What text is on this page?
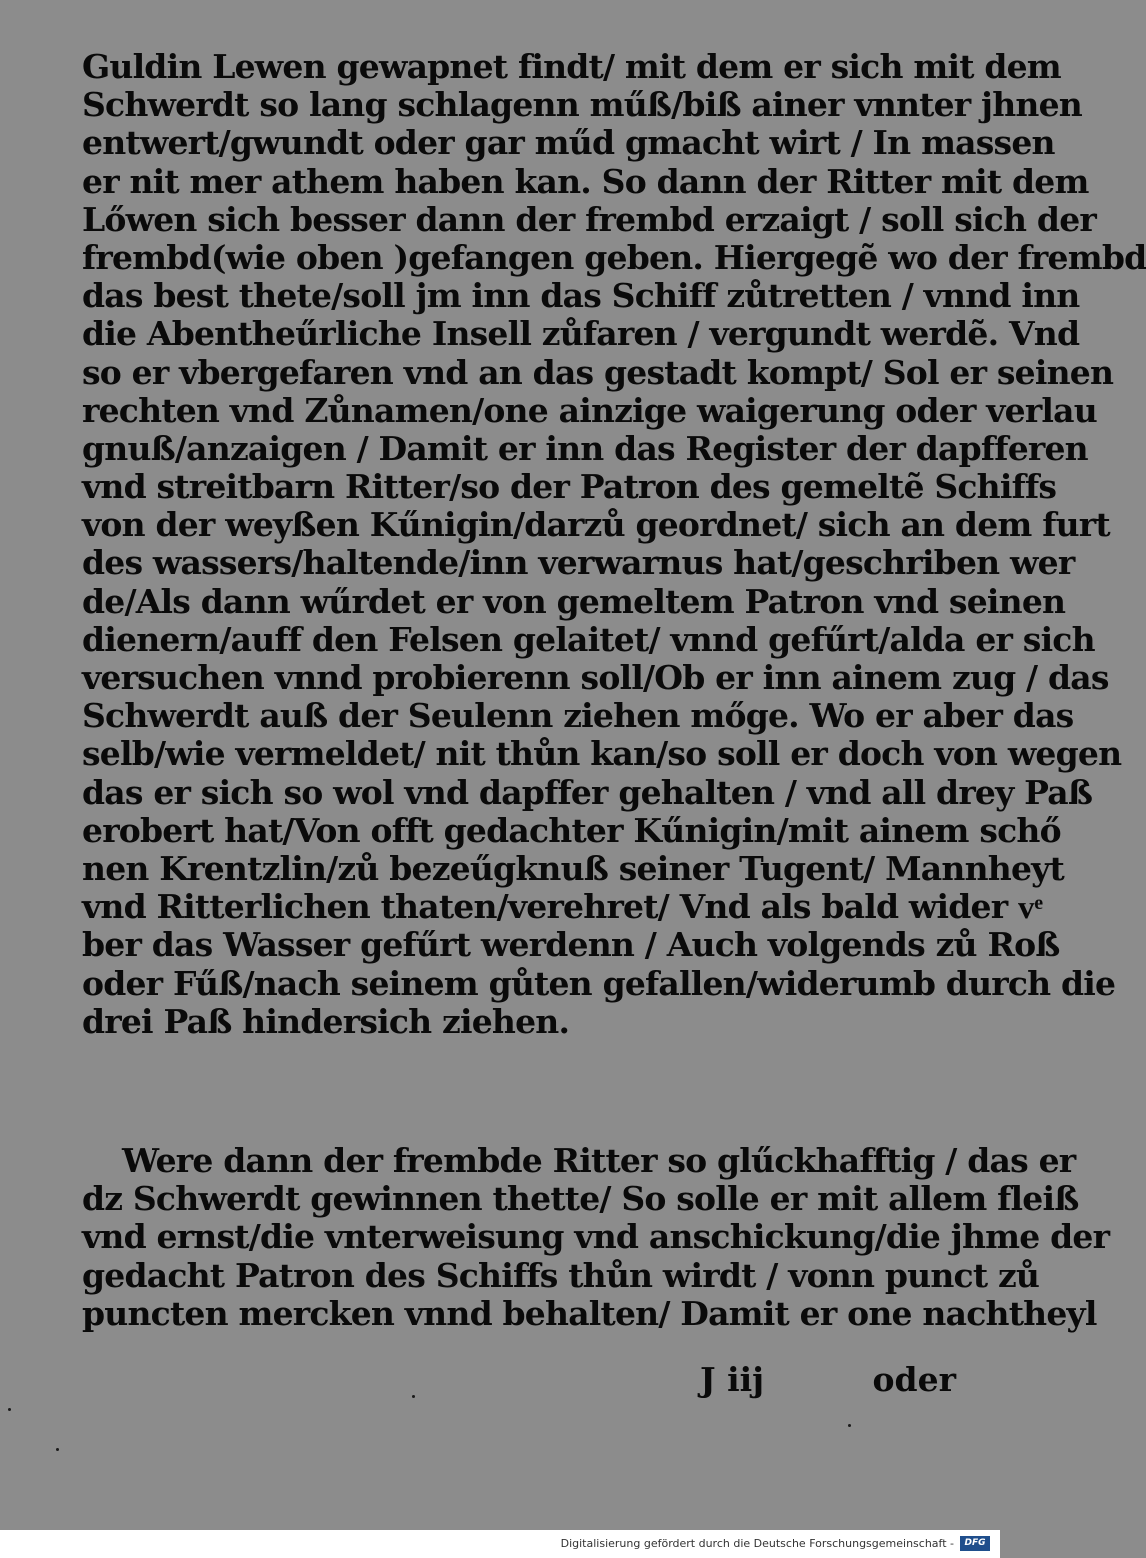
Guldin Lewen gewapnet findt/ mit dem er sich mit dem
Schwerdt so lang schlagenn műß/biß ainer vnnter jhnen
entwert/gwundt oder gar műd gmacht wirt / In massen
er nit mer athem haben kan. So dann der Ritter mit dem
Lőwen sich besser dann der frembd erzaigt / soll sich der
frembd(wie oben )gefangen geben. Hiergegẽ wo der frembd
das best thete/soll jm inn das Schiff zůtretten / vnnd inn
die Abentheűrliche Insell zůfaren / vergundt werdẽ. Vnd
so er vbergefaren vnd an das gestadt kompt/ Sol er seinen
rechten vnd Zůnamen/one ainzige waigerung oder verlau
gnuß/anzaigen / Damit er inn das Register der dapfferen
vnd streitbarn Ritter/so der Patron des gemeltẽ Schiffs
von der weyßen Kűnigin/darzů geordnet/ sich an dem furt
des wassers/haltende/inn verwarnus hat/geschriben wer
de/Als dann wűrdet er von gemeltem Patron vnd seinen
dienern/auff den Felsen gelaitet/ vnnd gefűrt/alda er sich
versuchen vnnd probierenn soll/Ob er inn ainem zug / das
Schwerdt auß der Seulenn ziehen mőge. Wo er aber das
selb/wie vermeldet/ nit thůn kan/so soll er doch von wegen
das er sich so wol vnd dapffer gehalten / vnd all drey Paß
erobert hat/Von offt gedachter Kűnigin/mit ainem schő
nen Krentzlin/zů bezeűgknuß seiner Tugent/ Mannheyt
vnd Ritterlichen thaten/verehret/ Vnd als bald wider vͤ
ber das Wasser gefűrt werdenn / Auch volgends zů Roß
oder Fűß/nach seinem gůten gefallen/widerumb durch die
drei Paß hindersich ziehen.
Were dann der frembde Ritter so glűckhafftig / das er
dz Schwerdt gewinnen thette/ So solle er mit allem fleiß
vnd ernst/die vnterweisung vnd anschickung/die jhme der
gedacht Patron des Schiffs thůn wirdt / vonn punct zů
puncten mercken vnnd behalten/ Damit er one nachtheyl
J iij	oder
Digitalisierung gefördert durch die Deutsche Forschungsgemeinschaft -	DFG
